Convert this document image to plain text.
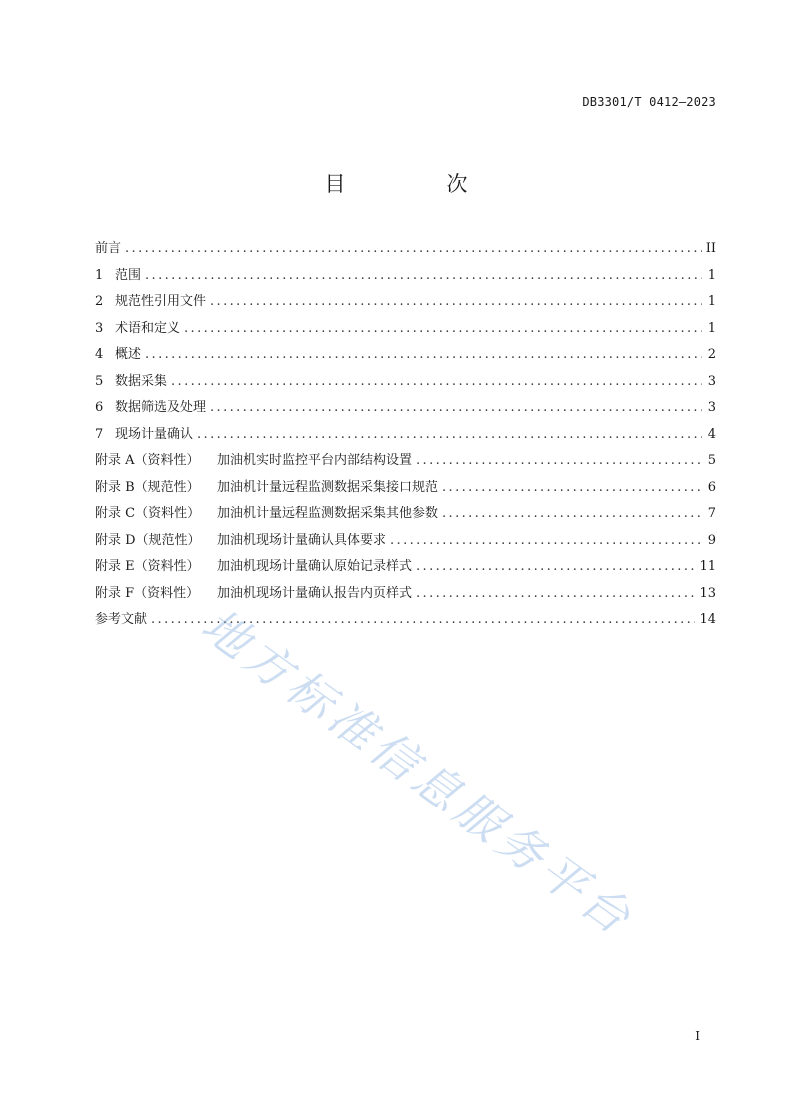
DB3301/T 0412—2023
目　次
前言 .....	II
1 范围 .....	1
2 规范性引用文件 .....	1
3 术语和定义 .....	1
4 概述 .....	2
5 数据采集 .....	3
6 数据筛选及处理 .....	3
7 现场计量确认 .....	4
附录 A（资料性） 加油机实时监控平台内部结构设置 .....	5
附录 B（规范性） 加油机计量远程监测数据采集接口规范 .....	6
附录 C（资料性） 加油机计量远程监测数据采集其他参数 .....	7
附录 D（规范性） 加油机现场计量确认具体要求 .....	9
附录 E（资料性） 加油机现场计量确认原始记录样式 .....	11
附录 F（资料性） 加油机现场计量确认报告内页样式 .....	13
参考文献 .....	14
地方标准信息服务平台
I
